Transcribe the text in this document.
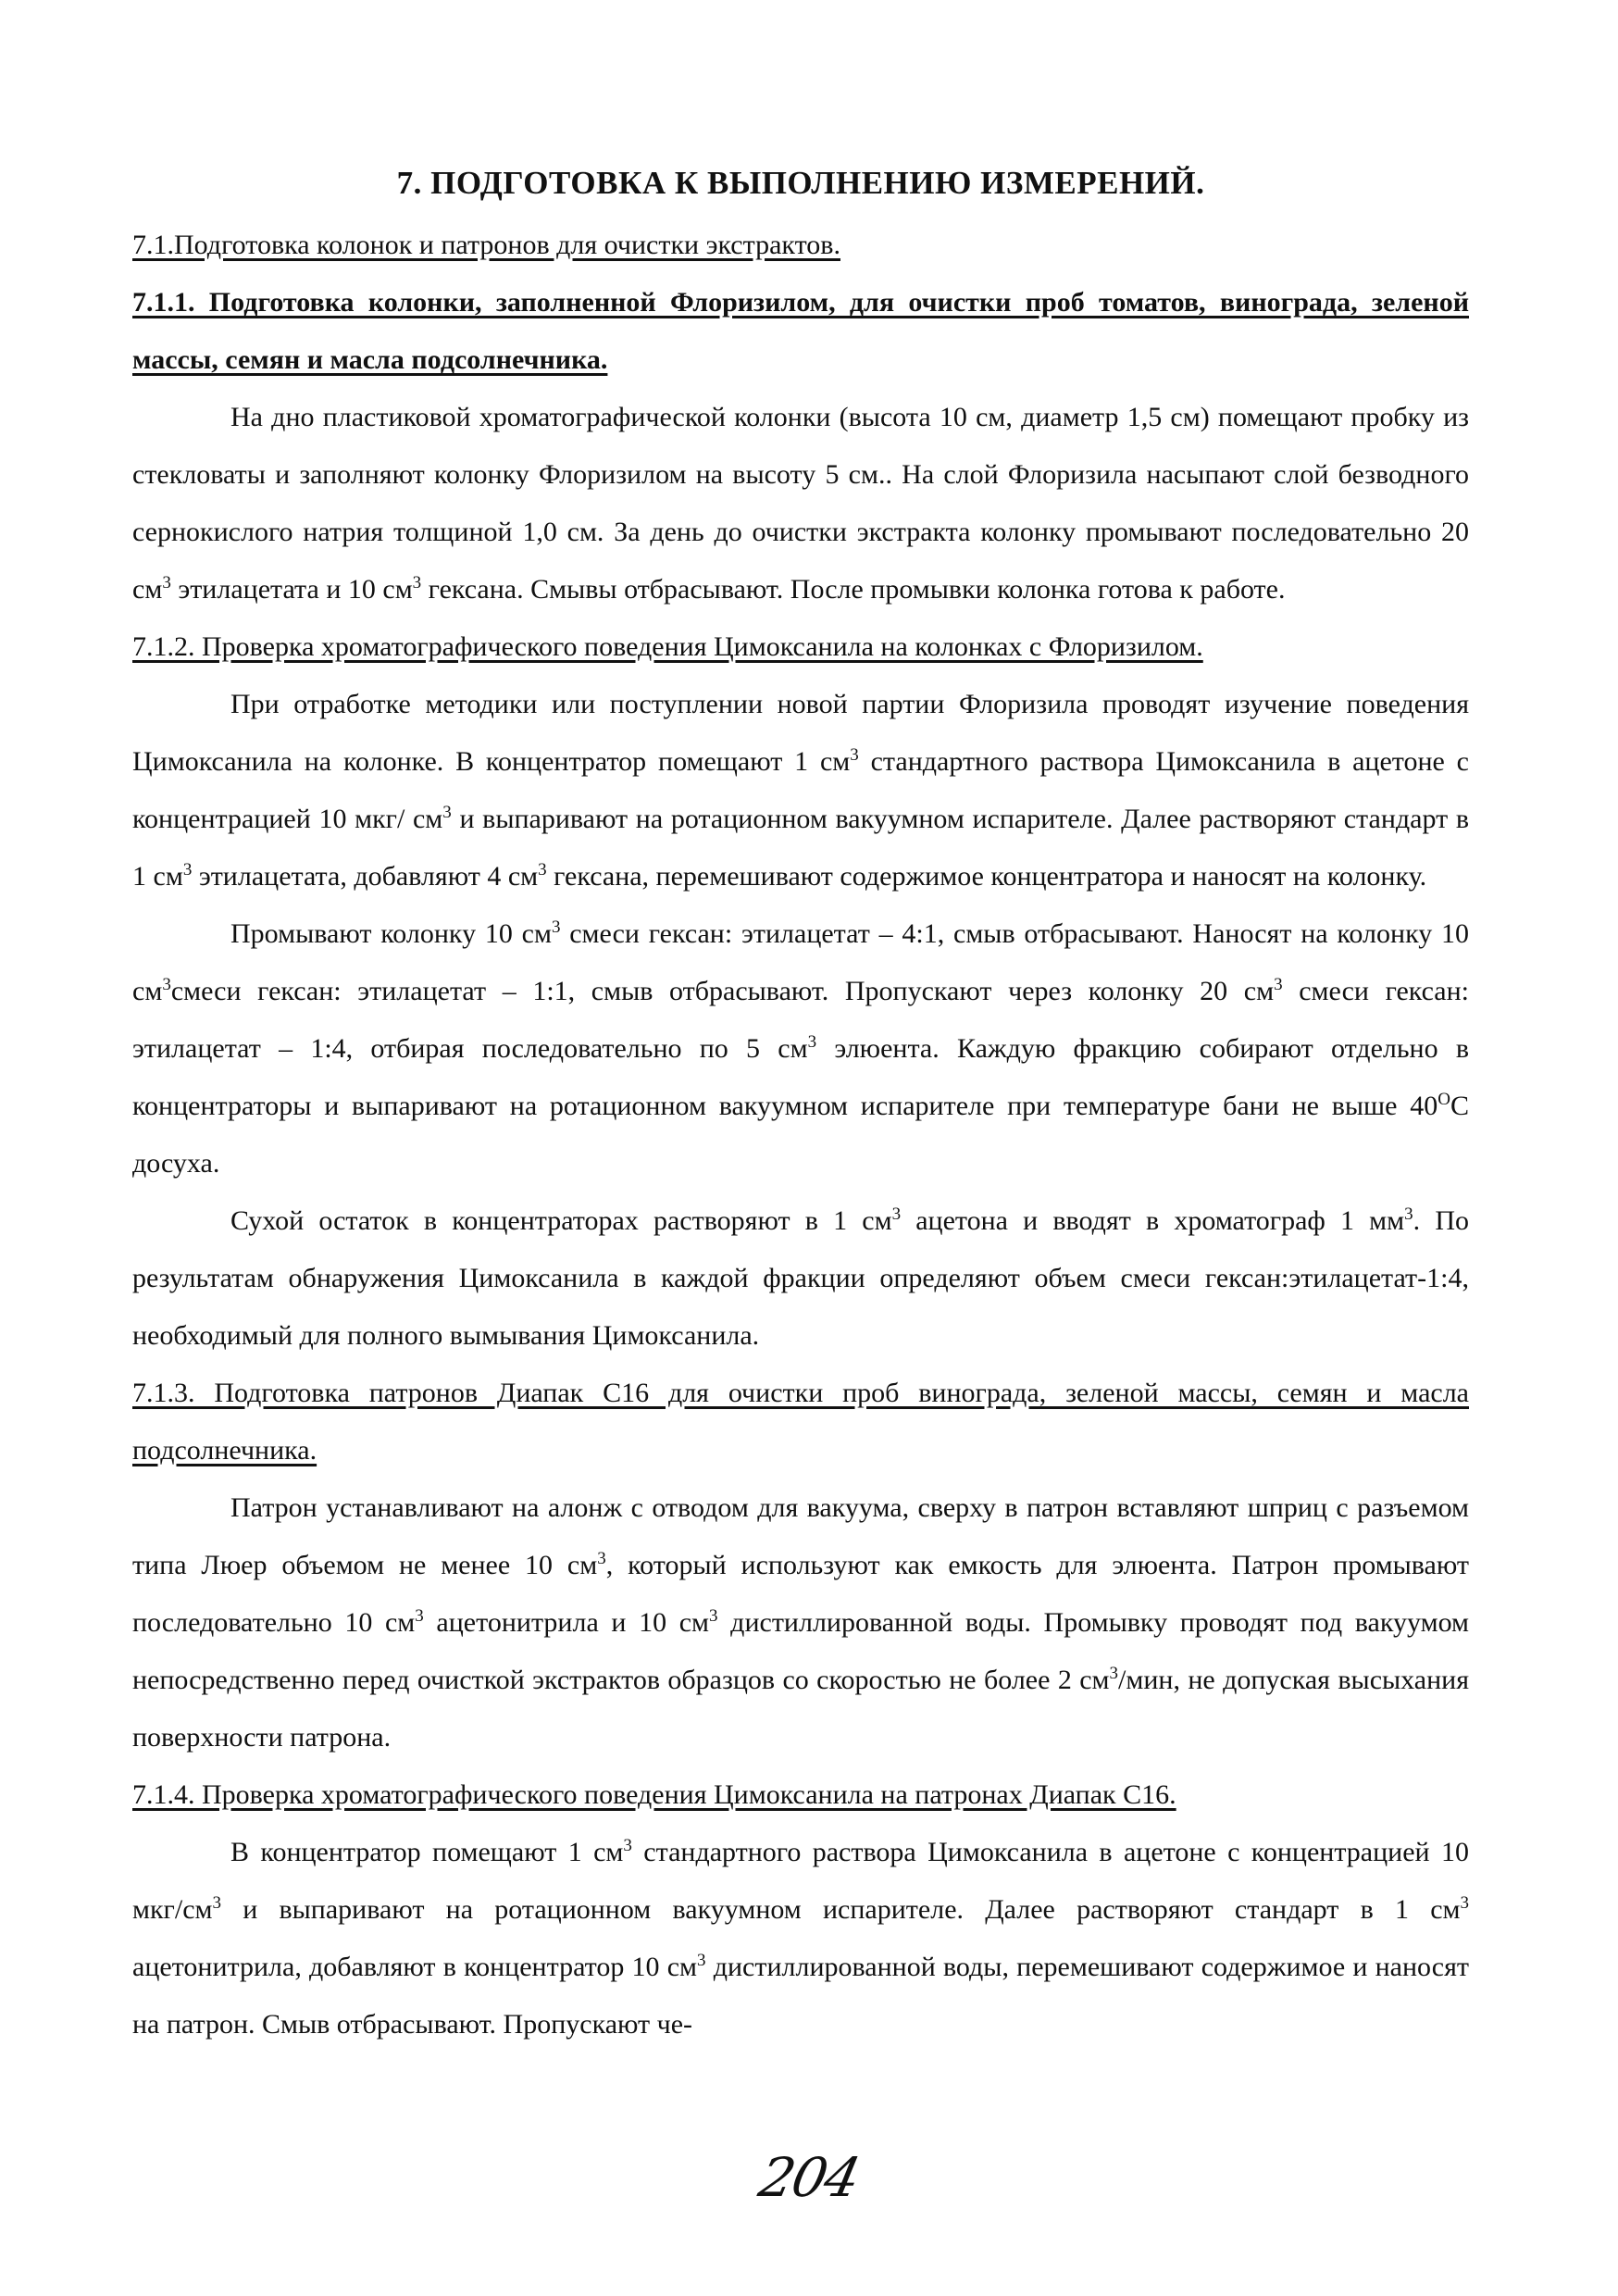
7. ПОДГОТОВКА К ВЫПОЛНЕНИЮ ИЗМЕРЕНИЙ.

7.1.Подготовка колонок и патронов для очистки экстрактов.

7.1.1. Подготовка колонки, заполненной Флоризилом, для очистки проб томатов, винограда, зеленой массы, семян и масла подсолнечника.

На дно пластиковой хроматографической колонки (высота 10 см, диаметр 1,5 см) помещают пробку из стекловаты и заполняют колонку Флоризилом на высоту 5 см.. На слой Флоризила насыпают слой безводного сернокислого натрия толщиной 1,0 см. За день до очистки экстракта колонку промывают последовательно 20 $см^3$ этилацетата и 10 $см^3$ гексана. Смывы отбрасывают. После промывки колонка готова к работе.

7.1.2. Проверка хроматографического поведения Цимоксанила на колонках с Флоризилом.

При отработке методики или поступлении новой партии Флоризила проводят изучение поведения Цимоксанила на колонке. В концентратор помещают 1 $см^3$ стандартного раствора Цимоксанила в ацетоне с концентрацией 10 мкг/ $см^3$ и выпаривают на ротационном вакуумном испарителе. Далее растворяют стандарт в 1 $см^3$ этилацетата, добавляют 4 $см^3$ гексана, перемешивают содержимое концентратора и наносят на колонку.

Промывают колонку 10 $см^3$ смеси гексан: этилацетат – 4:1, смыв отбрасывают. Наносят на колонку 10 $см^3смеси$ гексан: этилацетат – 1:1, смыв отбрасывают. Пропускают через колонку 20 $см^3$ смеси гексан: этилацетат – 1:4, отбирая последовательно по 5 $см^3$ элюента. Каждую фракцию собирают отдельно в концентраторы и выпаривают на ротационном вакуумном испарителе при температуре бани не выше $40^OС$ досуха.

Сухой остаток в концентраторах растворяют в 1 $см^3$ ацетона и вводят в хроматограф 1 $мм^3$. По результатам обнаружения Цимоксанила в каждой фракции определяют объем смеси гексан:этилацетат-1:4, необходимый для полного вымывания Цимоксанила.

7.1.3. Подготовка патронов Диапак С16 для очистки проб винограда, зеленой массы, семян и масла подсолнечника.

Патрон устанавливают на алонж с отводом для вакуума, сверху в патрон вставляют шприц с разъемом типа Люер объемом не менее 10 $см^3$, который используют как емкость для элюента. Патрон промывают последовательно 10 $см^3$ ацетонитрила и 10 $см^3$ дистиллированной воды. Промывку проводят под вакуумом непосредственно перед очисткой экстрактов образцов со скоростью не более 2 $см^3$/мин, не допуская высыхания поверхности патрона.

7.1.4. Проверка хроматографического поведения Цимоксанила на патронах Диапак С16.

В концентратор помещают 1 $см^3$ стандартного раствора Цимоксанила в ацетоне с концентрацией 10 мкг/$см^3$ и выпаривают на ротационном вакуумном испарителе. Далее растворяют стандарт в 1 $см^3$ ацетонитрила, добавляют в концентратор 10 $см^3$ дистиллированной воды, перемешивают содержимое и наносят на патрон. Смыв отбрасывают. Пропускают че-

204
